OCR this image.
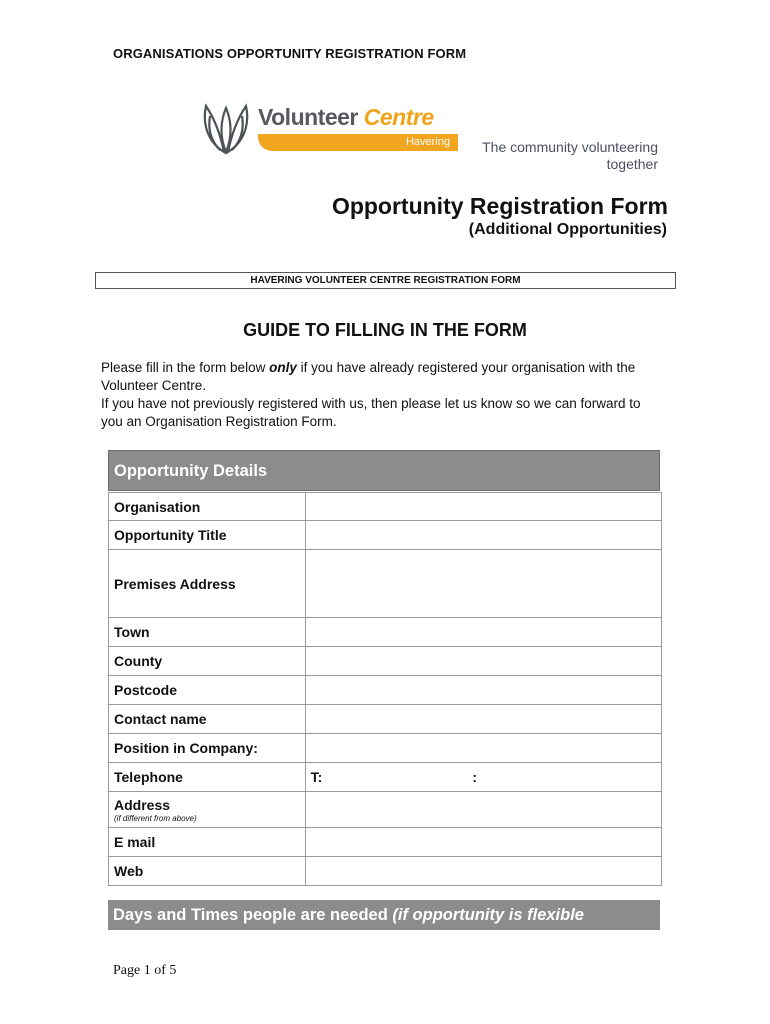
ORGANISATIONS OPPORTUNITY REGISTRATION FORM
Volunteer Centre
Havering The community volunteering
together
Opportunity Registration Form
(Additional Opportunities)
HAVERING VOLUNTEER CENTRE REGISTRATION FORM
GUIDE TO FILLING IN THE FORM
Please fill in the form below only if you have already registered your organisation with the Volunteer Centre.
If you have not previously registered with us, then please let us know so we can forward to you an Organisation Registration Form.
Opportunity Details
Organisation	
Opportunity Title	
Premises Address	
Town	
County	
Postcode	
Contact name	
Position in Company:	
Telephone	T: :
Address
(if different from above)	

E mail	
Web	
Days and Times people are needed (if opportunity is flexible
Page 1 of 5
